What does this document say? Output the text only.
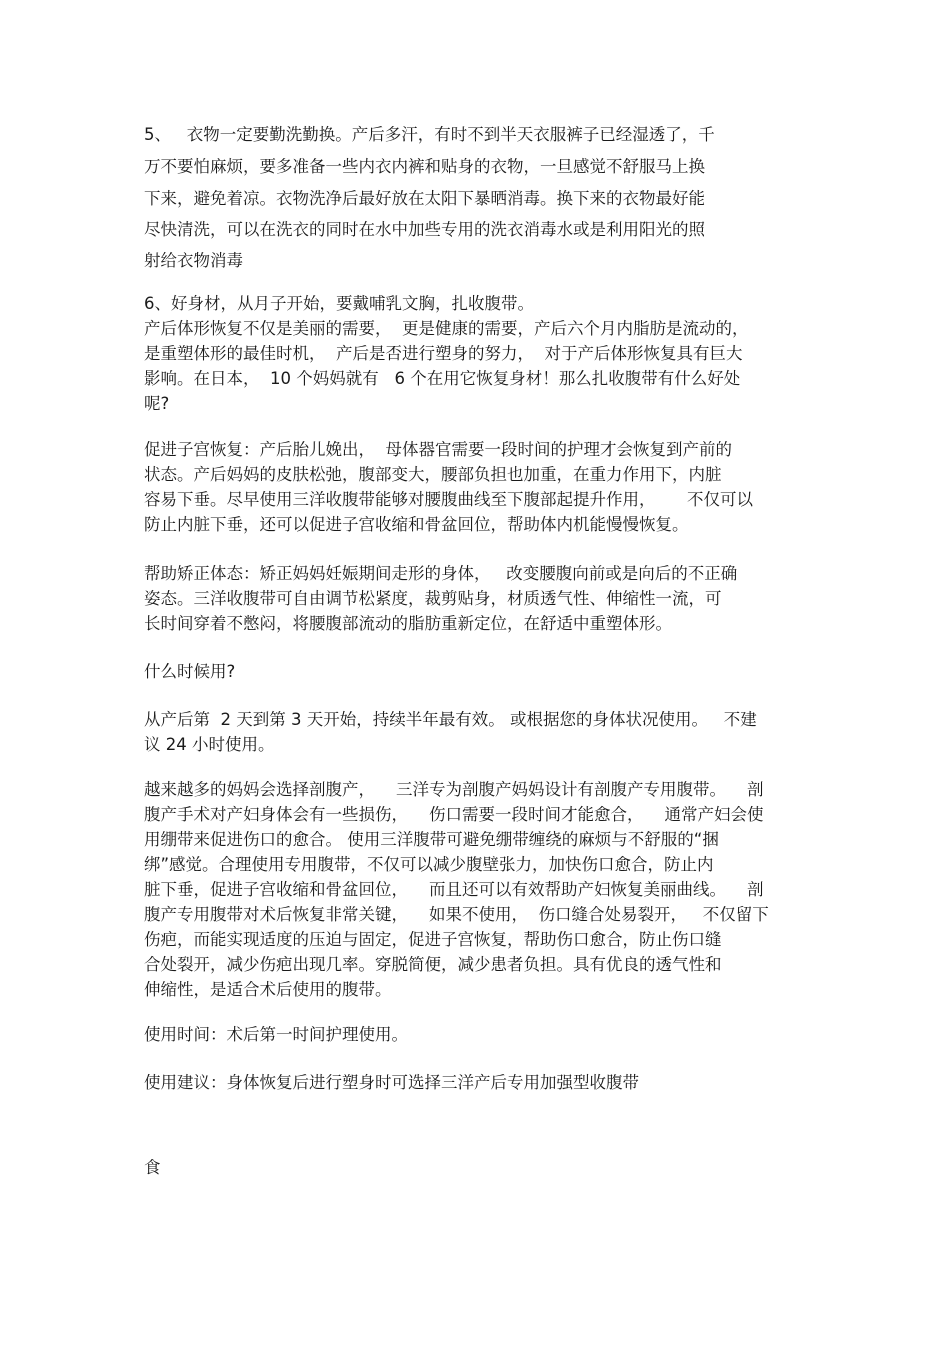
5、   衣物一定要勤洗勤换。产后多汗，有时不到半天衣服裤子已经湿透了，千
万不要怕麻烦，要多准备一些内衣内裤和贴身的衣物，一旦感觉不舒服马上换
下来，避免着凉。衣物洗净后最好放在太阳下暴晒消毒。换下来的衣物最好能
尽快清洗，可以在洗衣的同时在水中加些专用的洗衣消毒水或是利用阳光的照
射给衣物消毒
6、好身材，从月子开始，要戴哺乳文胸，扎收腹带。
产后体形恢复不仅是美丽的需要，  更是健康的需要，产后六个月内脂肪是流动的，
是重塑体形的最佳时机，  产后是否进行塑身的努力，  对于产后体形恢复具有巨大
影响。在日本，  10 个妈妈就有   6 个在用它恢复身材！那么扎收腹带有什么好处
呢?
促进子宫恢复：产后胎儿娩出，  母体器官需要一段时间的护理才会恢复到产前的
状态。产后妈妈的皮肤松弛，腹部变大，腰部负担也加重，在重力作用下，内脏
容易下垂。尽早使用三洋收腹带能够对腰腹曲线至下腹部起提升作用，      不仅可以
防止内脏下垂，还可以促进子宫收缩和骨盆回位，帮助体内机能慢慢恢复。
帮助矫正体态：矫正妈妈妊娠期间走形的身体，   改变腰腹向前或是向后的不正确
姿态。三洋收腹带可自由调节松紧度，裁剪贴身，材质透气性、伸缩性一流，可
长时间穿着不憋闷，将腰腹部流动的脂肪重新定位，在舒适中重塑体形。
什么时候用?
从产后第  2 天到第 3 天开始，持续半年最有效。 或根据您的身体状况使用。   不建
议 24 小时使用。
越来越多的妈妈会选择剖腹产，    三洋专为剖腹产妈妈设计有剖腹产专用腹带。    剖
腹产手术对产妇身体会有一些损伤，    伤口需要一段时间才能愈合，    通常产妇会使
用绷带来促进伤口的愈合。 使用三洋腹带可避免绷带缠绕的麻烦与不舒服的“捆
绑”感觉。合理使用专用腹带，不仅可以减少腹壁张力，加快伤口愈合，防止内
脏下垂，促进子宫收缩和骨盆回位，    而且还可以有效帮助产妇恢复美丽曲线。    剖
腹产专用腹带对术后恢复非常关键，    如果不使用，  伤口缝合处易裂开，   不仅留下
伤疤，而能实现适度的压迫与固定，促进子宫恢复，帮助伤口愈合，防止伤口缝
合处裂开，减少伤疤出现几率。穿脱简便，减少患者负担。具有优良的透气性和
伸缩性，是适合术后使用的腹带。
使用时间：术后第一时间护理使用。
使用建议：身体恢复后进行塑身时可选择三洋产后专用加强型收腹带
食
